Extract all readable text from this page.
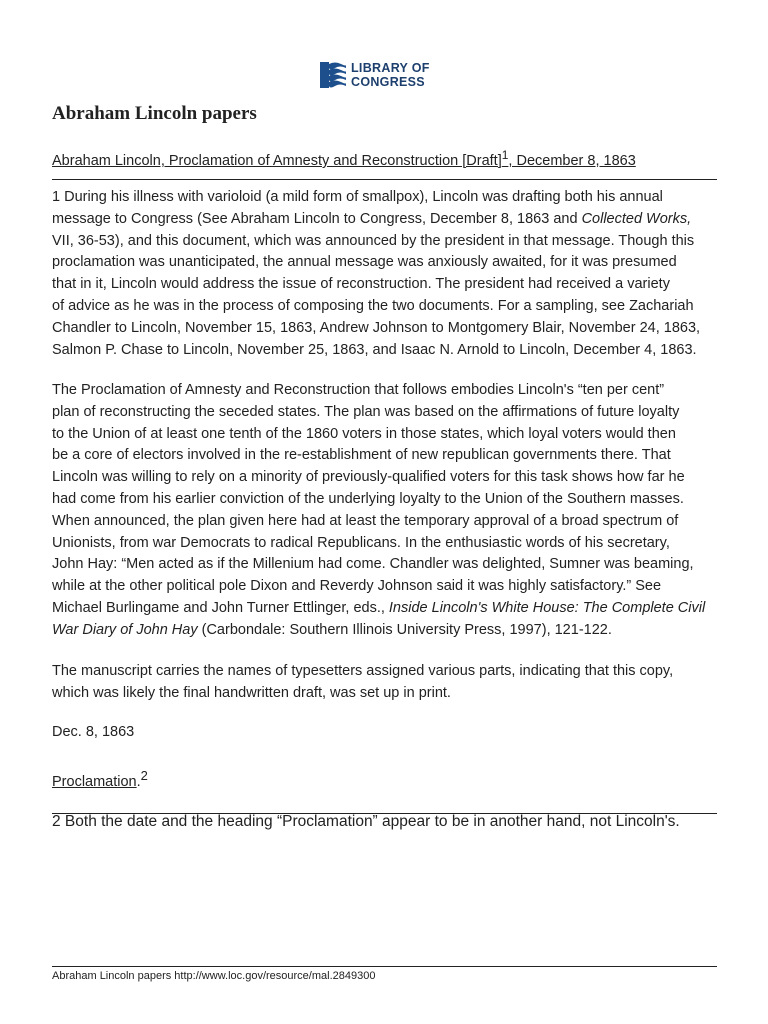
LIBRARY OF
CONGRESS
Abraham Lincoln papers
Abraham Lincoln, Proclamation of Amnesty and Reconstruction [Draft]$^1$, December 8, 1863

1 During his illness with varioloid (a mild form of smallpox), Lincoln was drafting both his annual
message to Congress (See Abraham Lincoln to Congress, December 8, 1863 and Collected Works,
VII, 36-53), and this document, which was announced by the president in that message. Though this
proclamation was unanticipated, the annual message was anxiously awaited, for it was presumed
that in it, Lincoln would address the issue of reconstruction. The president had received a variety
of advice as he was in the process of composing the two documents. For a sampling, see Zachariah
Chandler to Lincoln, November 15, 1863, Andrew Johnson to Montgomery Blair, November 24, 1863,
Salmon P. Chase to Lincoln, November 25, 1863, and Isaac N. Arnold to Lincoln, December 4, 1863.

The Proclamation of Amnesty and Reconstruction that follows embodies Lincoln's “ten per cent”
plan of reconstructing the seceded states. The plan was based on the affirmations of future loyalty
to the Union of at least one tenth of the 1860 voters in those states, which loyal voters would then
be a core of electors involved in the re-establishment of new republican governments there. That
Lincoln was willing to rely on a minority of previously-qualified voters for this task shows how far he
had come from his earlier conviction of the underlying loyalty to the Union of the Southern masses.
When announced, the plan given here had at least the temporary approval of a broad spectrum of
Unionists, from war Democrats to radical Republicans. In the enthusiastic words of his secretary,
John Hay: “Men acted as if the Millenium had come. Chandler was delighted, Sumner was beaming,
while at the other political pole Dixon and Reverdy Johnson said it was highly satisfactory.” See
Michael Burlingame and John Turner Ettlinger, eds., Inside Lincoln's White House: The Complete Civil
War Diary of John Hay (Carbondale: Southern Illinois University Press, 1997), 121-122.

The manuscript carries the names of typesetters assigned various parts, indicating that this copy,
which was likely the final handwritten draft, was set up in print.

Dec. 8, 1863
Proclamation.$^2$
2 Both the date and the heading “Proclamation” appear to be in another hand, not Lincoln's.
Abraham Lincoln papers http://www.loc.gov/resource/mal.2849300
